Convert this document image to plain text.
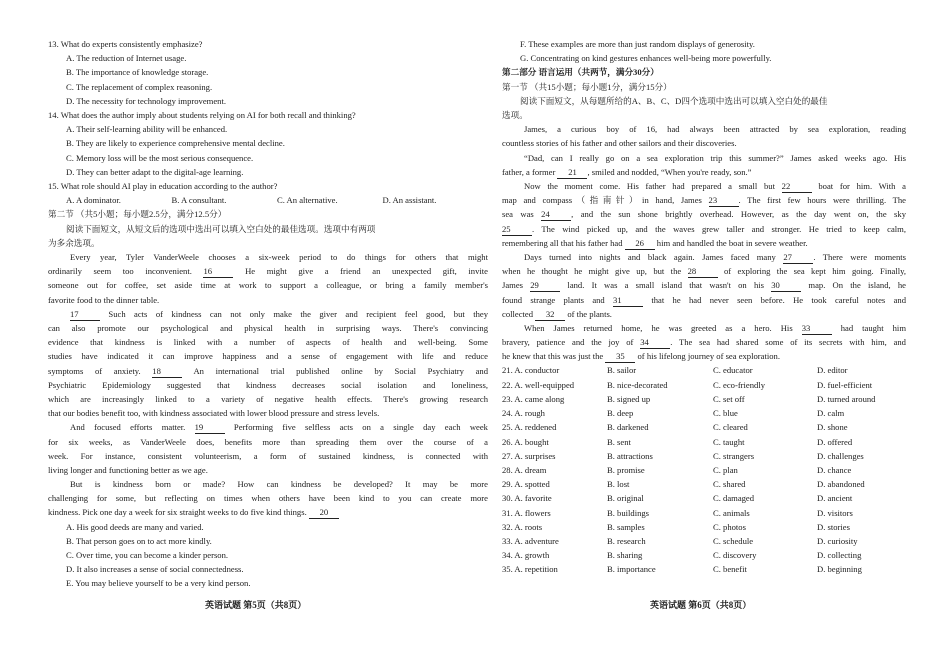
13. What do experts consistently emphasize?
A. The reduction of Internet usage.
B. The importance of knowledge storage.
C. The replacement of complex reasoning.
D. The necessity for technology improvement.
14. What does the author imply about students relying on AI for both recall and thinking?
A. Their self-learning ability will be enhanced.
B. They are likely to experience comprehensive mental decline.
C. Memory loss will be the most serious consequence.
D. They can better adapt to the digital-age learning.
15. What role should AI play in education according to the author?
A. A dominator.	B. A consultant.	C. An alternative.	D. An assistant.
第二节 （共5小题；每小题2.5分，满分12.5分）
阅读下面短文，从短文后的选项中选出可以填入空白处的最佳选项。选项中有两项
为多余选项。
Every year, Tyler VanderWeele chooses a six-week period to do things for others that might
ordinarily seem too inconvenient. 16 He might give a friend an unexpected gift, invite
someone out for coffee, set aside time at work to support a colleague, or bring a family member's
favorite food to the dinner table.
17 Such acts of kindness can not only make the giver and recipient feel good, but they
can also promote our psychological and physical health in surprising ways. There's convincing
evidence that kindness is linked with a number of aspects of health and well-being. Some
studies have indicated it can improve happiness and a sense of engagement with life and reduce
symptoms of anxiety. 18 An international trial published online by Social Psychiatry and
Psychiatric Epidemiology suggested that kindness decreases social isolation and loneliness,
which are increasingly linked to a variety of negative health effects. There's growing research
that our bodies benefit too, with kindness associated with lower blood pressure and stress levels.
And focused efforts matter. 19 Performing five selfless acts on a single day each week
for six weeks, as VanderWeele does, benefits more than spreading them over the course of a
week. For instance, consistent volunteerism, a form of sustained kindness, is connected with
living longer and functioning better as we age.
But is kindness born or made? How can kindness be developed? It may be more
challenging for some, but reflecting on times when others have been kind to you can create more
kindness. Pick one day a week for six straight weeks to do five kind things. 20
A. His good deeds are many and varied.
B. That person goes on to act more kindly.
C. Over time, you can become a kinder person.
D. It also increases a sense of social connectedness.
E. You may believe yourself to be a very kind person.
英语试题 第5页（共8页）
F. These examples are more than just random displays of generosity.
G. Concentrating on kind gestures enhances well-being more powerfully.
第二部分 语言运用（共两节，满分30分）
第一节 （共15小题；每小题1分，满分15分）
阅读下面短文，从每题所给的A、B、C、D四个选项中选出可以填入空白处的最佳
选项。
James, a curious boy of 16, had always been attracted by sea exploration, reading
countless stories of his father and other sailors and their discoveries.
“Dad, can I really go on a sea exploration trip this summer?” James asked weeks ago. His
father, a former 21 , smiled and nodded, “When you're ready, son.”
Now the moment come. His father had prepared a small but 22 boat for him. With a
map and compass（指南针）in hand, James 23 . The first few hours were thrilling. The
sea was 24 , and the sun shone brightly overhead. However, as the day went on, the sky
25 . The wind picked up, and the waves grew taller and stronger. He tried to keep calm,
remembering all that his father had 26 him and handled the boat in severe weather.
Days turned into nights and black again. James faced many 27 . There were moments
when he thought he might give up, but the 28 of exploring the sea kept him going. Finally,
James 29 land. It was a small island that wasn't on his 30 map. On the island, he
found strange plants and 31 that he had never seen before. He took careful notes and
collected 32 of the plants.
When James returned home, he was greeted as a hero. His 33 had taught him
bravery, patience and the joy of 34 . The sea had shared some of its secrets with him, and
he knew that this was just the 35 of his lifelong journey of sea exploration.
21. A. conductor	B. sailor	C. educator	D. editor
22. A. well-equipped	B. nice-decorated	C. eco-friendly	D. fuel-efficient
23. A. came along	B. signed up	C. set off	D. turned around
24. A. rough	B. deep	C. blue	D. calm
25. A. reddened	B. darkened	C. cleared	D. shone
26. A. bought	B. sent	C. taught	D. offered
27. A. surprises	B. attractions	C. strangers	D. challenges
28. A. dream	B. promise	C. plan	D. chance
29. A. spotted	B. lost	C. shared	D. abandoned
30. A. favorite	B. original	C. damaged	D. ancient
31. A. flowers	B. buildings	C. animals	D. visitors
32. A. roots	B. samples	C. photos	D. stories
33. A. adventure	B. research	C. schedule	D. curiosity
34. A. growth	B. sharing	C. discovery	D. collecting
35. A. repetition	B. importance	C. benefit	D. beginning
英语试题 第6页（共8页）
